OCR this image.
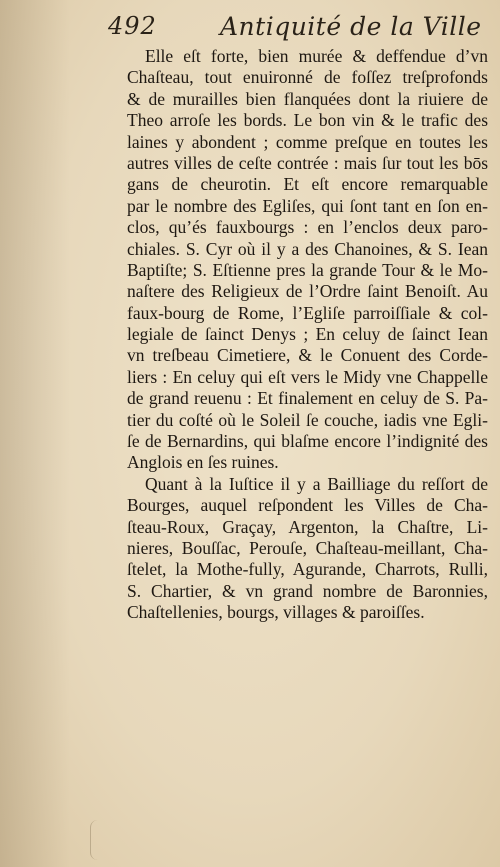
492	Antiquité de la Ville

Elle eſt forte, bien murée & deffendue d’vn
Chaſteau, tout enuironné de foſſez treſprofonds
& de murailles bien flanquées dont la riuiere de
Theo arroſe les bords. Le bon vin & le trafic des
laines y abondent ; comme preſque en toutes les
autres villes de ceſte contrée : mais ſur tout les bōs
gans de cheurotin. Et eſt encore remarquable
par le nombre des Egliſes, qui ſont tant en ſon en-
clos, qu’és fauxbourgs : en l’enclos deux paro-
chiales. S. Cyr où il y a des Chanoines, & S. Iean
Baptiſte; S. Eſtienne pres la grande Tour & le Mo-
naſtere des Religieux de l’Ordre ſaint Benoiſt. Au
faux-bourg de Rome, l’Egliſe parroiſſiale & col-
legiale de ſainct Denys ; En celuy de ſainct Iean
vn treſbeau Cimetiere, & le Conuent des Corde-
liers : En celuy qui eſt vers le Midy vne Chappelle
de grand reuenu : Et finalement en celuy de S. Pa-
tier du coſté où le Soleil ſe couche, iadis vne Egli-
ſe de Bernardins, qui blaſme encore l’indignité des
Anglois en ſes ruines.

Quant à la Iuſtice il y a Bailliage du reſſort de
Bourges, auquel reſpondent les Villes de Cha-
ſteau-Roux, Graçay, Argenton, la Chaſtre, Li-
nieres, Bouſſac, Perouſe, Chaſteau-meillant, Cha-
ſtelet, la Mothe-fully, Agurande, Charrots, Rulli,
S. Chartier, & vn grand nombre de Baronnies,
Chaſtellenies, bourgs, villages & paroiſſes.
